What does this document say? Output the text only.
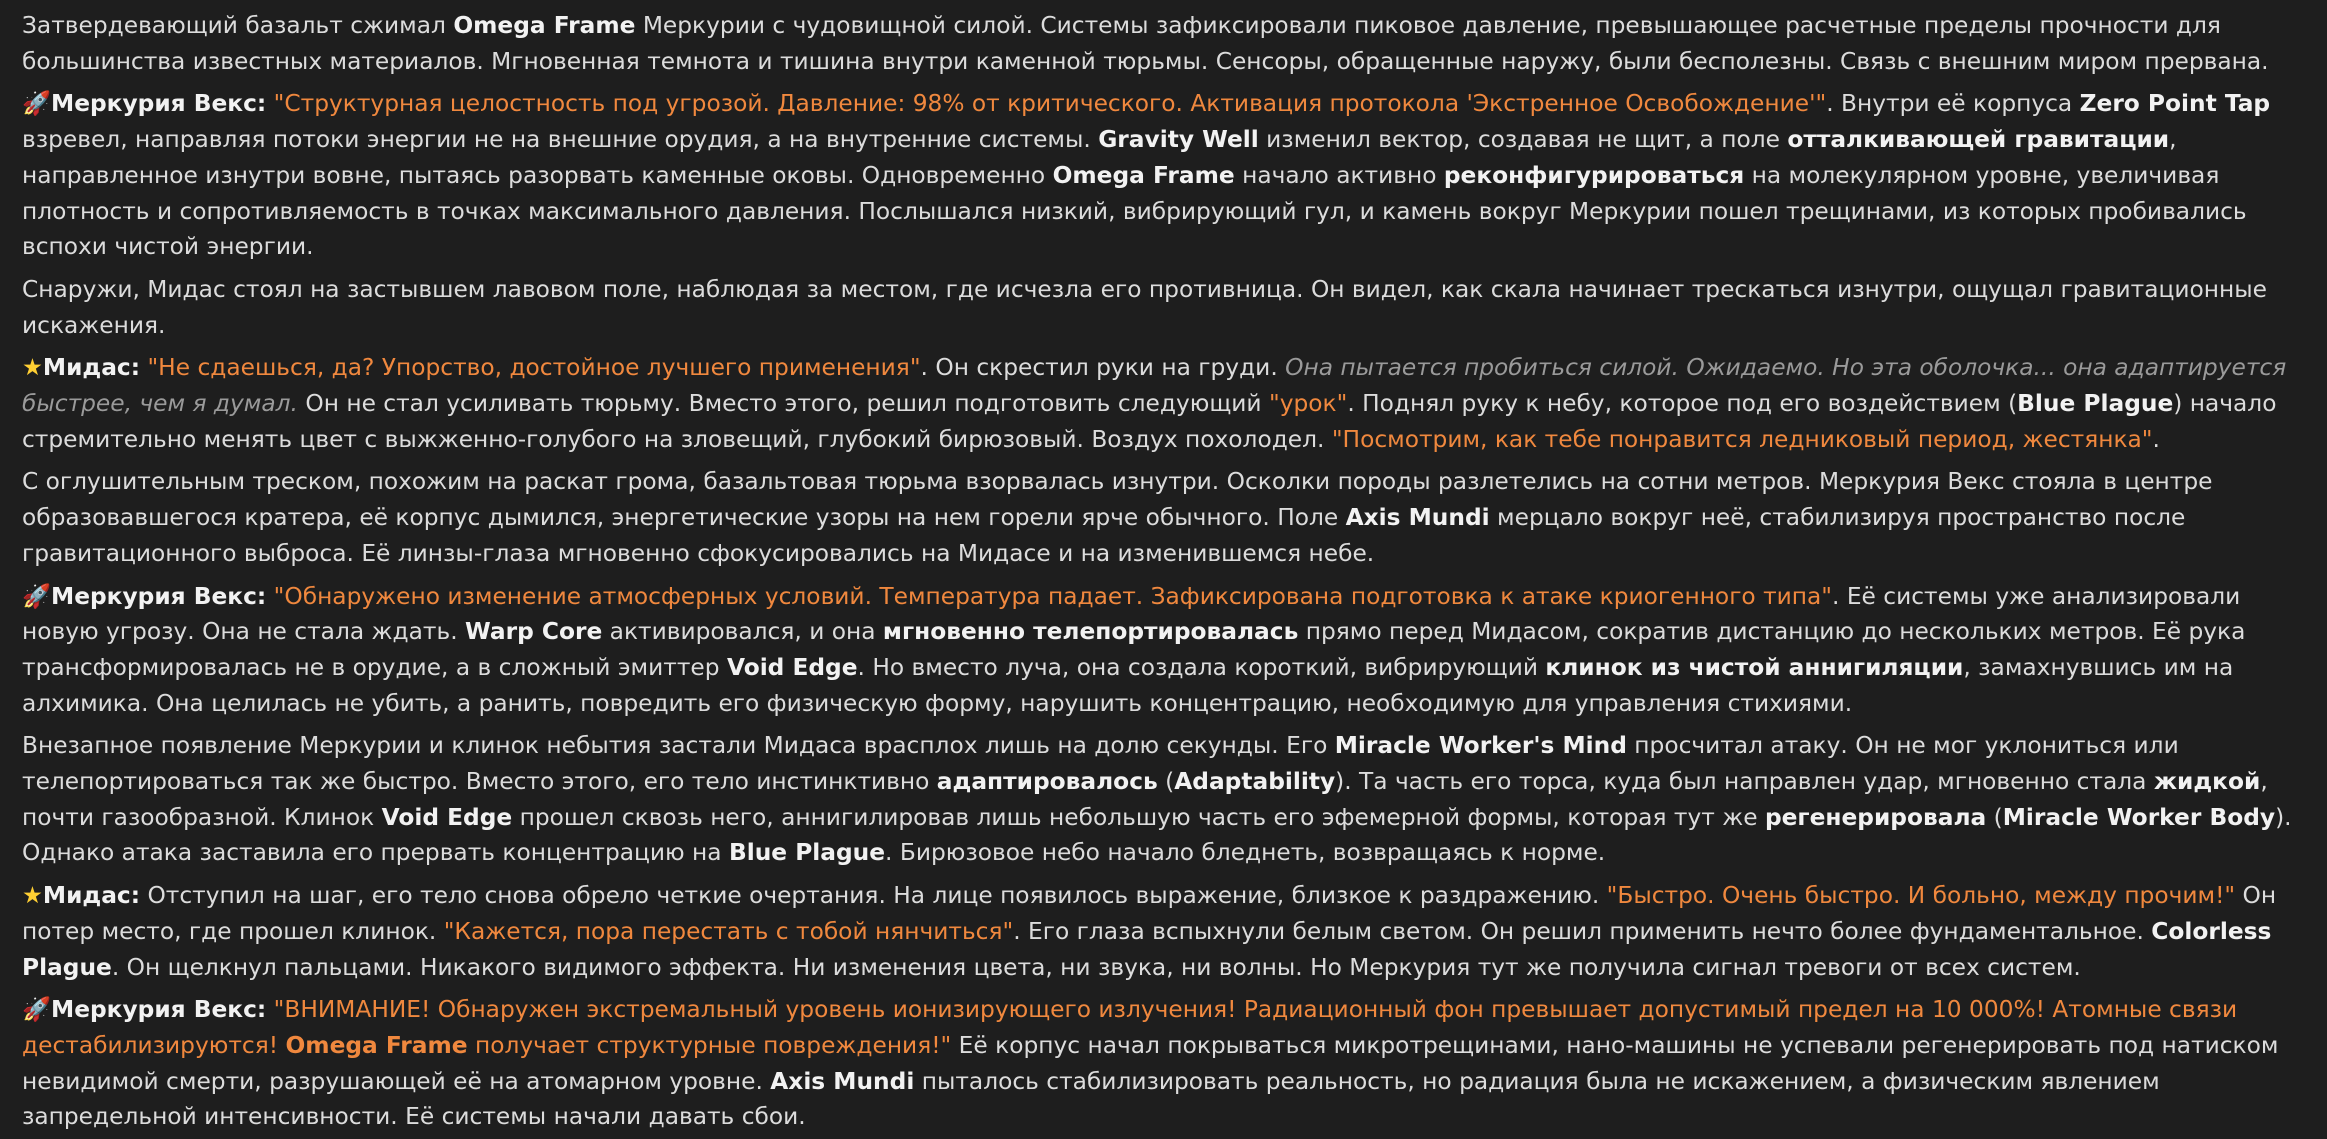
Затвердевающий базальт сжимал Omega Frame Меркурии с чудовищной силой. Системы зафиксировали пиковое давление, превышающее расчетные пределы прочности для большинства известных материалов. Мгновенная темнота и тишина внутри каменной тюрьмы. Сенсоры, обращенные наружу, были бесполезны. Связь с внешним миром прервана.

🚀Меркурия Векс: "Структурная целостность под угрозой. Давление: 98% от критического. Активация протокола 'Экстренное Освобождение'". Внутри её корпуса Zero Point Tap взревел, направляя потоки энергии не на внешние орудия, а на внутренние системы. Gravity Well изменил вектор, создавая не щит, а поле отталкивающей гравитации, направленное изнутри вовне, пытаясь разорвать каменные оковы. Одновременно Omega Frame начало активно реконфигурироваться на молекулярном уровне, увеличивая плотность и сопротивляемость в точках максимального давления. Послышался низкий, вибрирующий гул, и камень вокруг Меркурии пошел трещинами, из которых пробивались вспохи чистой энергии.

Снаружи, Мидас стоял на застывшем лавовом поле, наблюдая за местом, где исчезла его противница. Он видел, как скала начинает трескаться изнутри, ощущал гравитационные искажения.

★Мидас: "Не сдаешься, да? Упорство, достойное лучшего применения". Он скрестил руки на груди. Она пытается пробиться силой. Ожидаемо. Но эта оболочка... она адаптируется быстрее, чем я думал. Он не стал усиливать тюрьму. Вместо этого, решил подготовить следующий "урок". Поднял руку к небу, которое под его воздействием (Blue Plague) начало стремительно менять цвет с выжженно-голубого на зловещий, глубокий бирюзовый. Воздух похолодел. "Посмотрим, как тебе понравится ледниковый период, жестянка".

С оглушительным треском, похожим на раскат грома, базальтовая тюрьма взорвалась изнутри. Осколки породы разлетелись на сотни метров. Меркурия Векс стояла в центре образовавшегося кратера, её корпус дымился, энергетические узоры на нем горели ярче обычного. Поле Axis Mundi мерцало вокруг неё, стабилизируя пространство после гравитационного выброса. Её линзы-глаза мгновенно сфокусировались на Мидасе и на изменившемся небе.

🚀Меркурия Векс: "Обнаружено изменение атмосферных условий. Температура падает. Зафиксирована подготовка к атаке криогенного типа". Её системы уже анализировали новую угрозу. Она не стала ждать. Warp Core активировался, и она мгновенно телепортировалась прямо перед Мидасом, сократив дистанцию до нескольких метров. Её рука трансформировалась не в орудие, а в сложный эмиттер Void Edge. Но вместо луча, она создала короткий, вибрирующий клинок из чистой аннигиляции, замахнувшись им на алхимика. Она целилась не убить, а ранить, повредить его физическую форму, нарушить концентрацию, необходимую для управления стихиями.

Внезапное появление Меркурии и клинок небытия застали Мидаса врасплох лишь на долю секунды. Его Miracle Worker's Mind просчитал атаку. Он не мог уклониться или телепортироваться так же быстро. Вместо этого, его тело инстинктивно адаптировалось (Adaptability). Та часть его торса, куда был направлен удар, мгновенно стала жидкой, почти газообразной. Клинок Void Edge прошел сквозь него, аннигилировав лишь небольшую часть его эфемерной формы, которая тут же регенерировала (Miracle Worker Body). Однако атака заставила его прервать концентрацию на Blue Plague. Бирюзовое небо начало бледнеть, возвращаясь к норме.

★Мидас: Отступил на шаг, его тело снова обрело четкие очертания. На лице появилось выражение, близкое к раздражению. "Быстро. Очень быстро. И больно, между прочим!" Он потер место, где прошел клинок. "Кажется, пора перестать с тобой нянчиться". Его глаза вспыхнули белым светом. Он решил применить нечто более фундаментальное. Colorless Plague. Он щелкнул пальцами. Никакого видимого эффекта. Ни изменения цвета, ни звука, ни волны. Но Меркурия тут же получила сигнал тревоги от всех систем.

🚀Меркурия Векс: "ВНИМАНИЕ! Обнаружен экстремальный уровень ионизирующего излучения! Радиационный фон превышает допустимый предел на 10 000%! Атомные связи дестабилизируются! Omega Frame получает структурные повреждения!" Её корпус начал покрываться микротрещинами, нано-машины не успевали регенерировать под натиском невидимой смерти, разрушающей её на атомарном уровне. Axis Mundi пыталось стабилизировать реальность, но радиация была не искажением, а физическим явлением запредельной интенсивности. Её системы начали давать сбои.
